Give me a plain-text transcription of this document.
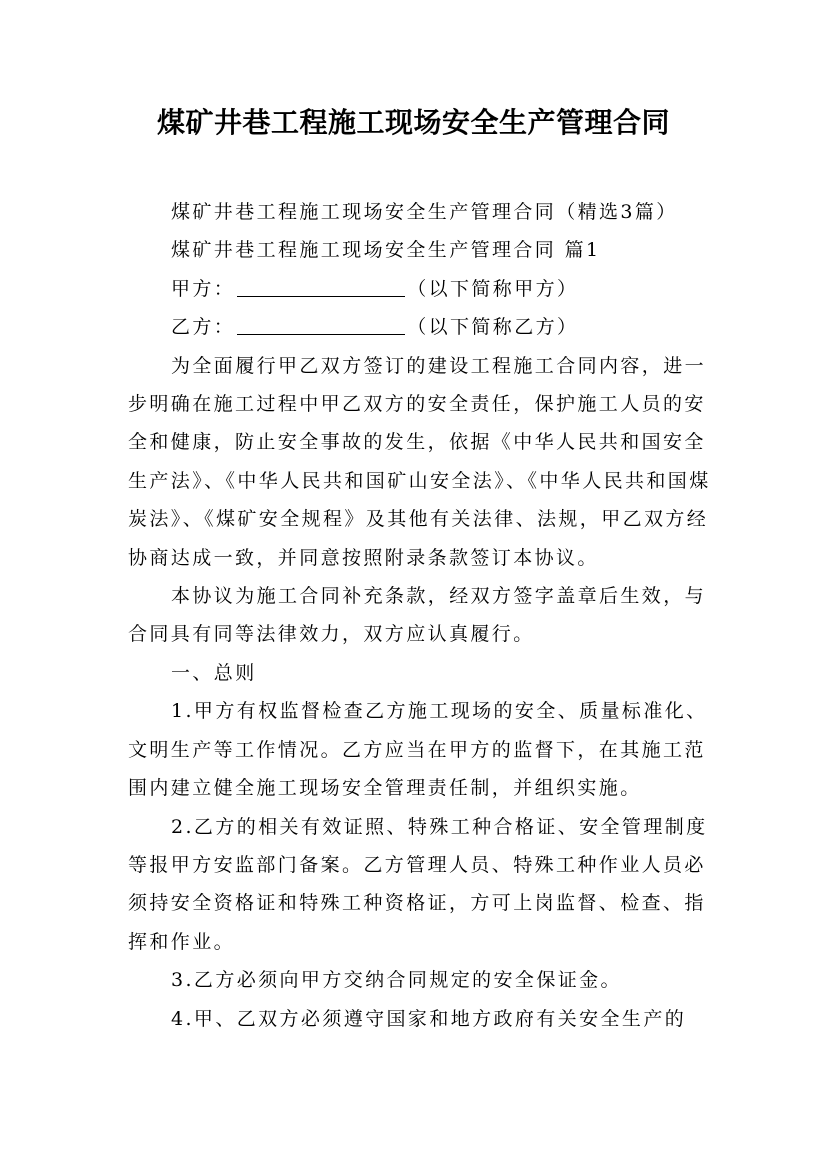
煤矿井巷工程施工现场安全生产管理合同

煤矿井巷工程施工现场安全生产管理合同（精选3篇）

煤矿井巷工程施工现场安全生产管理合同 篇1

甲方：	（以下简称甲方）

乙方：	（以下简称乙方）

为全面履行甲乙双方签订的建设工程施工合同内容，进一步明确在施工过程中甲乙双方的安全责任，保护施工人员的安全和健康，防止安全事故的发生，依据《中华人民共和国安全生产法》、《中华人民共和国矿山安全法》、《中华人民共和国煤炭法》、《煤矿安全规程》及其他有关法律、法规，甲乙双方经协商达成一致，并同意按照附录条款签订本协议。

本协议为施工合同补充条款，经双方签字盖章后生效，与合同具有同等法律效力，双方应认真履行。

一、总则

1.甲方有权监督检查乙方施工现场的安全、质量标准化、文明生产等工作情况。乙方应当在甲方的监督下，在其施工范围内建立健全施工现场安全管理责任制，并组织实施。

2.乙方的相关有效证照、特殊工种合格证、安全管理制度等报甲方安监部门备案。乙方管理人员、特殊工种作业人员必须持安全资格证和特殊工种资格证，方可上岗监督、检查、指挥和作业。

3.乙方必须向甲方交纳合同规定的安全保证金。

4.甲、乙双方必须遵守国家和地方政府有关安全生产的
